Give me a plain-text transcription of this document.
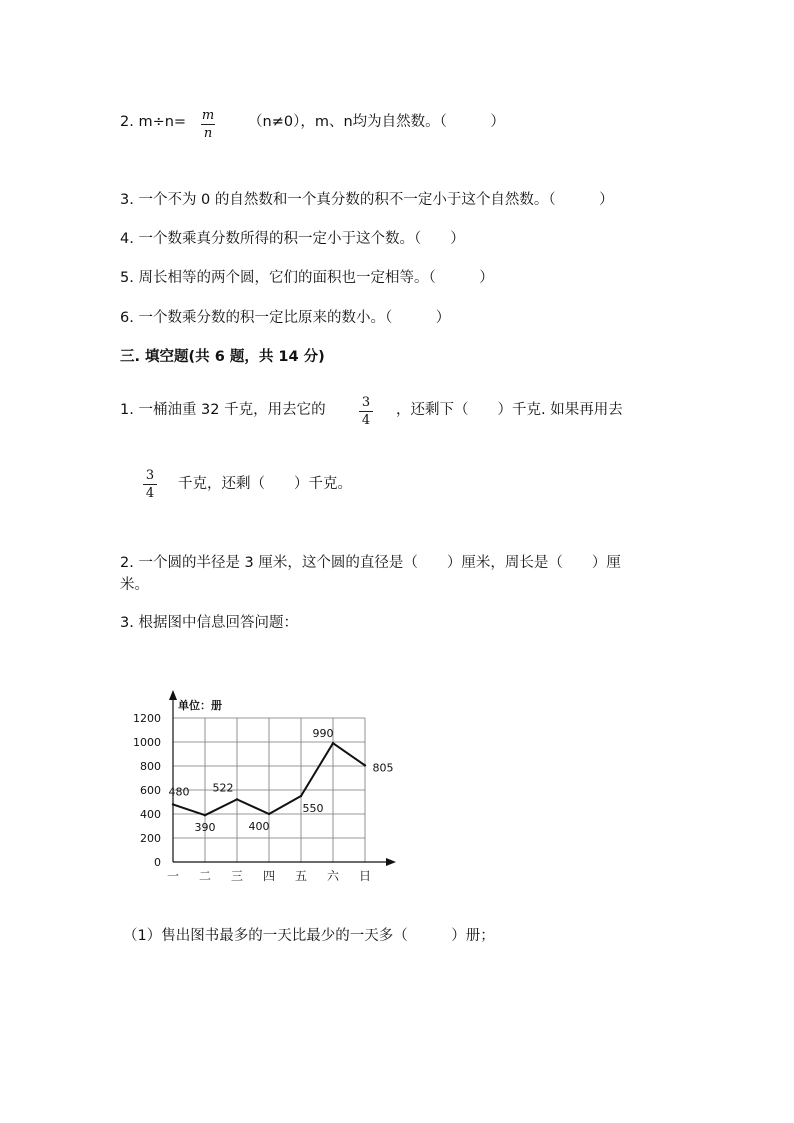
2. m÷n= m
n
（n≠0），m、n均为自然数。（　　　）
3. 一个不为 0 的自然数和一个真分数的积不一定小于这个自然数。（　　　）
4. 一个数乘真分数所得的积一定小于这个数。（　　）
5. 周长相等的两个圆，它们的面积也一定相等。（　　　）
6. 一个数乘分数的积一定比原来的数小。（　　　）
三. 填空题(共 6 题，共 14 分)
1. 一桶油重 32 千克，用去它的	3
4
，还剩下（　　）千克. 如果再用去
3
4
千克，还剩（　　）千克。
2. 一个圆的半径是 3 厘米，这个圆的直径是（　　）厘米，周长是（　　）厘
米。
3. 根据图中信息回答问题：
0
200
400
600
800
1000
1200
一 二 三 四 五 六 日
480
390
522
400
550
990
805
单位：册
（1）售出图书最多的一天比最少的一天多（　　　）册；
